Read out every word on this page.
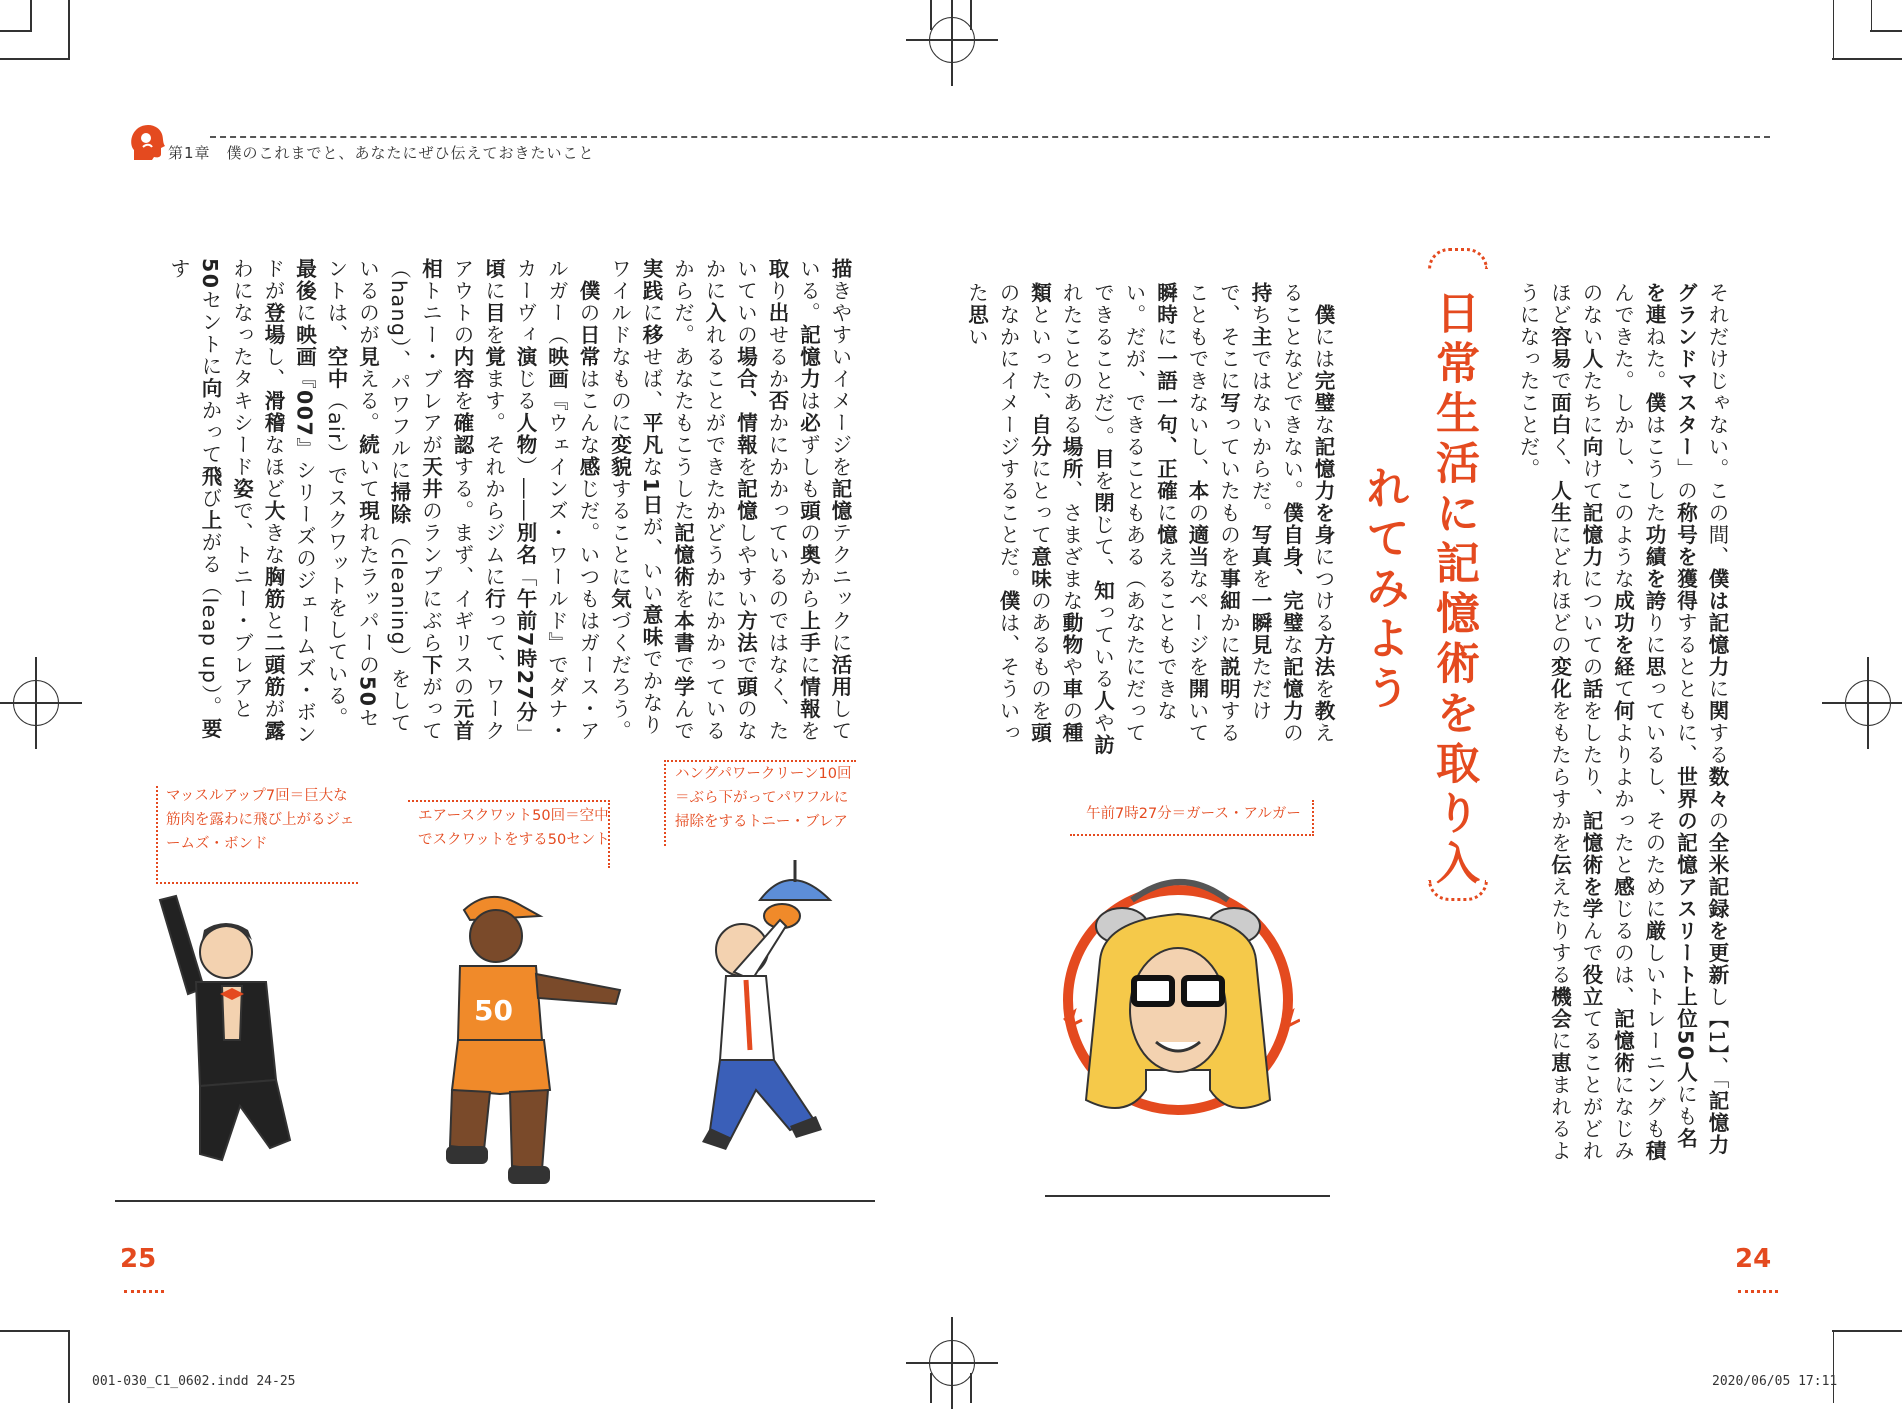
第1章　僕のこれまでと、あなたにぜひ伝えておきたいこと
それだけじゃない。この間、僕は記憶力に関する数々の全米記録を更新し【1】、「記憶力グランドマスター」の称号を獲得するとともに、世界の記憶アスリート上位50人にも名を連ねた。僕はこうした功績を誇りに思っているし、そのために厳しいトレーニングも積んできた。しかし、このような成功を経て何よりよかったと感じるのは、記憶術になじみのない人たちに向けて記憶力についての話をしたり、記憶術を学んで役立てることがどれほど容易で面白く、人生にどれほどの変化をもたらすかを伝えたりする機会に恵まれるようになったことだ。
日常生活に記憶術を取り入れてみよう
　僕には完璧な記憶力を身につける方法を教えることなどできない。僕自身、完璧な記憶力の持ち主ではないからだ。写真を一瞬見ただけで、そこに写っていたものを事細かに説明することもできないし、本の適当なページを開いて瞬時に一語一句、正確に憶えることもできない。だが、できることもある（あなたにだってできることだ）。目を閉じて、知っている人や訪れたことのある場所、さまざまな動物や車の種類といった、自分にとって意味のあるものを頭のなかにイメージすることだ。僕は、そういった思い
描きやすいイメージを記憶テクニックに活用している。記憶力は必ずしも頭の奥から上手に情報を取り出せるか否かにかかっているのではなく、たいていの場合、情報を記憶しやすい方法で頭のなかに入れることができたかどうかにかかっているからだ。あなたもこうした記憶術を本書で学んで実践に移せば、平凡な1日が、いい意味でかなりワイルドなものに変貌することに気づくだろう。
　僕の日常はこんな感じだ。いつもはガース・アルガー（映画『ウェインズ・ワールド』でダナ・カーヴィ演じる人物）――別名「午前7時27分」頃に目を覚ます。それからジムに行って、ワークアウトの内容を確認する。まず、イギリスの元首相トニー・ブレアが天井のランプにぶら下がって（hang）、パワフルに掃除（cleaning）をしているのが見える。続いて現れたラッパーの50セントは、空中（air）でスクワットをしている。最後に映画『007』シリーズのジェームズ・ボンドが登場し、滑稽なほど大きな胸筋と二頭筋が露わになったタキシード姿で、トニー・ブレアと50セントに向かって飛び上がる（leap up）。要す
午前7時27分＝ガース・アルガー
ハングパワークリーン10回
＝ぶら下がってパワフルに
掃除をするトニー・ブレア
エアースクワット50回＝空中
でスクワットをする50セント
マッスルアップ7回＝巨大な
筋肉を露わに飛び上がるジェ
ームズ・ボンド
50
25	24
001-030_C1_0602.indd 24-25	2020/06/05 17:11
